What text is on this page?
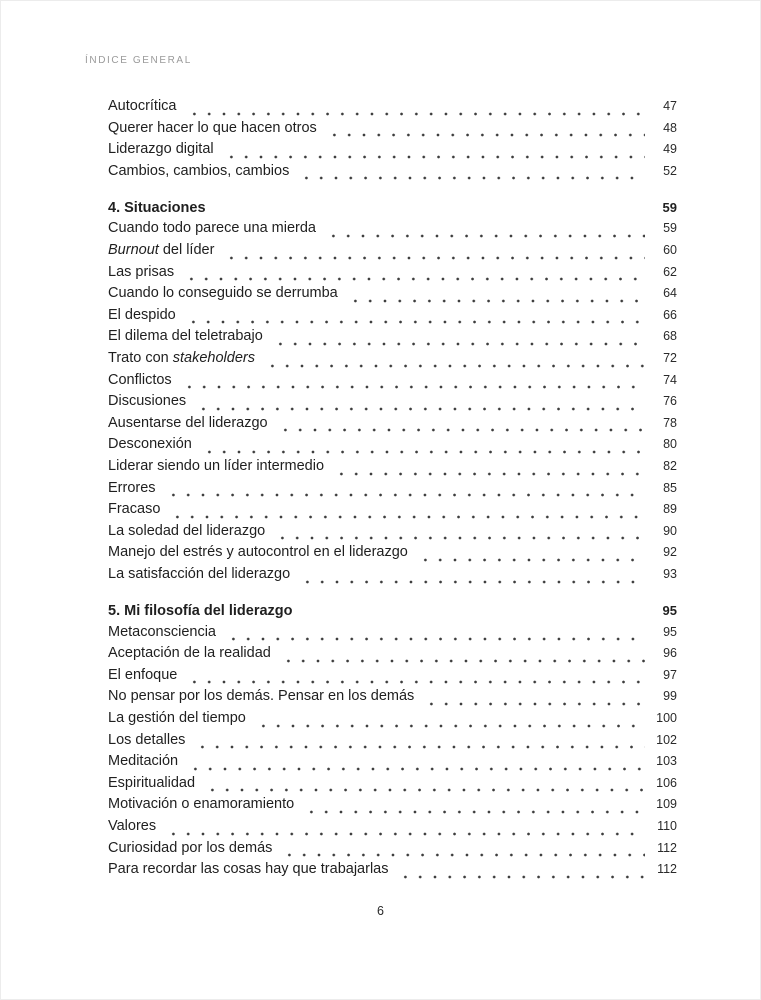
ÍNDICE GENERAL
Autocrítica	47
Querer hacer lo que hacen otros	48
Liderazgo digital	49
Cambios, cambios, cambios	52
4. Situaciones	59
Cuando todo parece una mierda	59
Burnout del líder	60
Las prisas	62
Cuando lo conseguido se derrumba	64
El despido	66
El dilema del teletrabajo	68
Trato con stakeholders	72
Conflictos	74
Discusiones	76
Ausentarse del liderazgo	78
Desconexión	80
Liderar siendo un líder intermedio	82
Errores	85
Fracaso	89
La soledad del liderazgo	90
Manejo del estrés y autocontrol en el liderazgo	92
La satisfacción del liderazgo	93
5. Mi filosofía del liderazgo	95
Metaconsciencia	95
Aceptación de la realidad	96
El enfoque	97
No pensar por los demás. Pensar en los demás	99
La gestión del tiempo	100
Los detalles	102
Meditación	103
Espiritualidad	106
Motivación o enamoramiento	109
Valores	110
Curiosidad por los demás	112
Para recordar las cosas hay que trabajarlas	112
6
